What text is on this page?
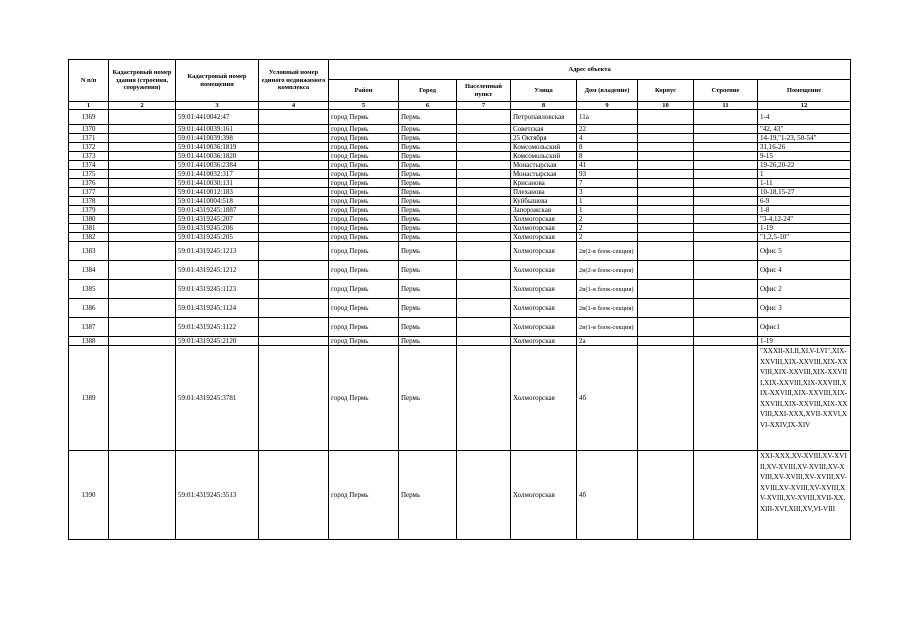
N п/п	Кадастровый номер здания (строения, сооружения)	Кадастровый номер помещения	Условный номер единого недвижимого комплекса	Адрес объекта							
				Район	Город	Населенный пункт	Улица	Дом (владение)	Корпус	Строение	Помещение
1	2	3	4	5	6	7	8	9	10	11	12
1369		59:01:4410042:47		город Пермь	Пермь		Петропавловская	11а			1-4
1370		59:01:4410039:161		город Пермь	Пермь		Советская	22			"42, 43"
1371		59:01:4410039:398		город Пермь	Пермь		25 Октября	4			14-19,"1-23, 50-54"
1372		59:01:4410036:1819		город Пермь	Пермь		Комсомольский	8			31,16-26
1373		59:01:4410036:1820		город Пермь	Пермь		Комсомольский	8			9-15
1374		59:01:4410036:2384		город Пермь	Пермь		Монастырская	41			19-26,20-22
1375		59:01:4410032:317		город Пермь	Пермь		Монастырская	93			1
1376		59:01:4410030:131		город Пермь	Пермь		Крисанова	7			1-11
1377		59:01:4410012:183		город Пермь	Пермь		Плеханова	3			10-18,15-27
1378		59:01:4410004:518		город Пермь	Пермь		Куйбышева	1			6-9
1379		59:01:4319245:1887		город Пермь	Пермь		Запорожская	1			1-8
1380		59:01:4319245:207		город Пермь	Пермь		Холмогорская	2			"3-4,12-24"
1381		59:01:4319245:206		город Пермь	Пермь		Холмогорская	2			1-19
1382		59:01:4319245:205		город Пермь	Пермь		Холмогорская	2			"1,2,5-10"
1383		59:01:4319245:1213		город Пермь	Пермь		Холмогорская	2в(2-я блок-секция)			Офис 5
1384		59:01:4319245:1212		город Пермь	Пермь		Холмогорская	2в(2-я блок-секция)			Офис 4
1385		59:01:4319245:1123		город Пермь	Пермь		Холмогорская	2в(1-я блок-секция)			Офис 2
1386		59:01:4319245:1124		город Пермь	Пермь		Холмогорская	2в(1-я блок-секция)			Офис 3
1387		59:01:4319245:1122		город Пермь	Пермь		Холмогорская	2в(1-я блок-секция)			Офис1
1388		59:01:4319245:2120		город Пермь	Пермь		Холмогорская	2а			1-19
1389		59:01:4319245:3781		город Пермь	Пермь		Холмогорская	4б			"XXXII-XLII,XLV-LVI",XIX-XXVIII,XIX-XXVIII,XIX-XXVIII,XIX-XXVIII,XIX-XXVIII,XIX-XXVIII,XIX-XXVIII,XIX-XXVIII,XIX-XXVIII,XIX-XXVIII,XIX-XXVIII,XIX-XXVIII,XXI-XXX,XVII-XXVI,XVI-XXIV,IX-XIV
1390		59:01:4319245:3513		город Пермь	Пермь		Холмогорская	4б			XXI-XXX,XV-XVIII,XV-XVIII,XV-XVIII,XV-XVIII,XV-XVIII,XV-XVIII,XV-XVIII,XV-XVIII,XV-XVIII,XV-XVIII,XV-XVIII,XV-XVIII,XVII-XX,XIII-XVI,XIII,XV,VI-VIII
